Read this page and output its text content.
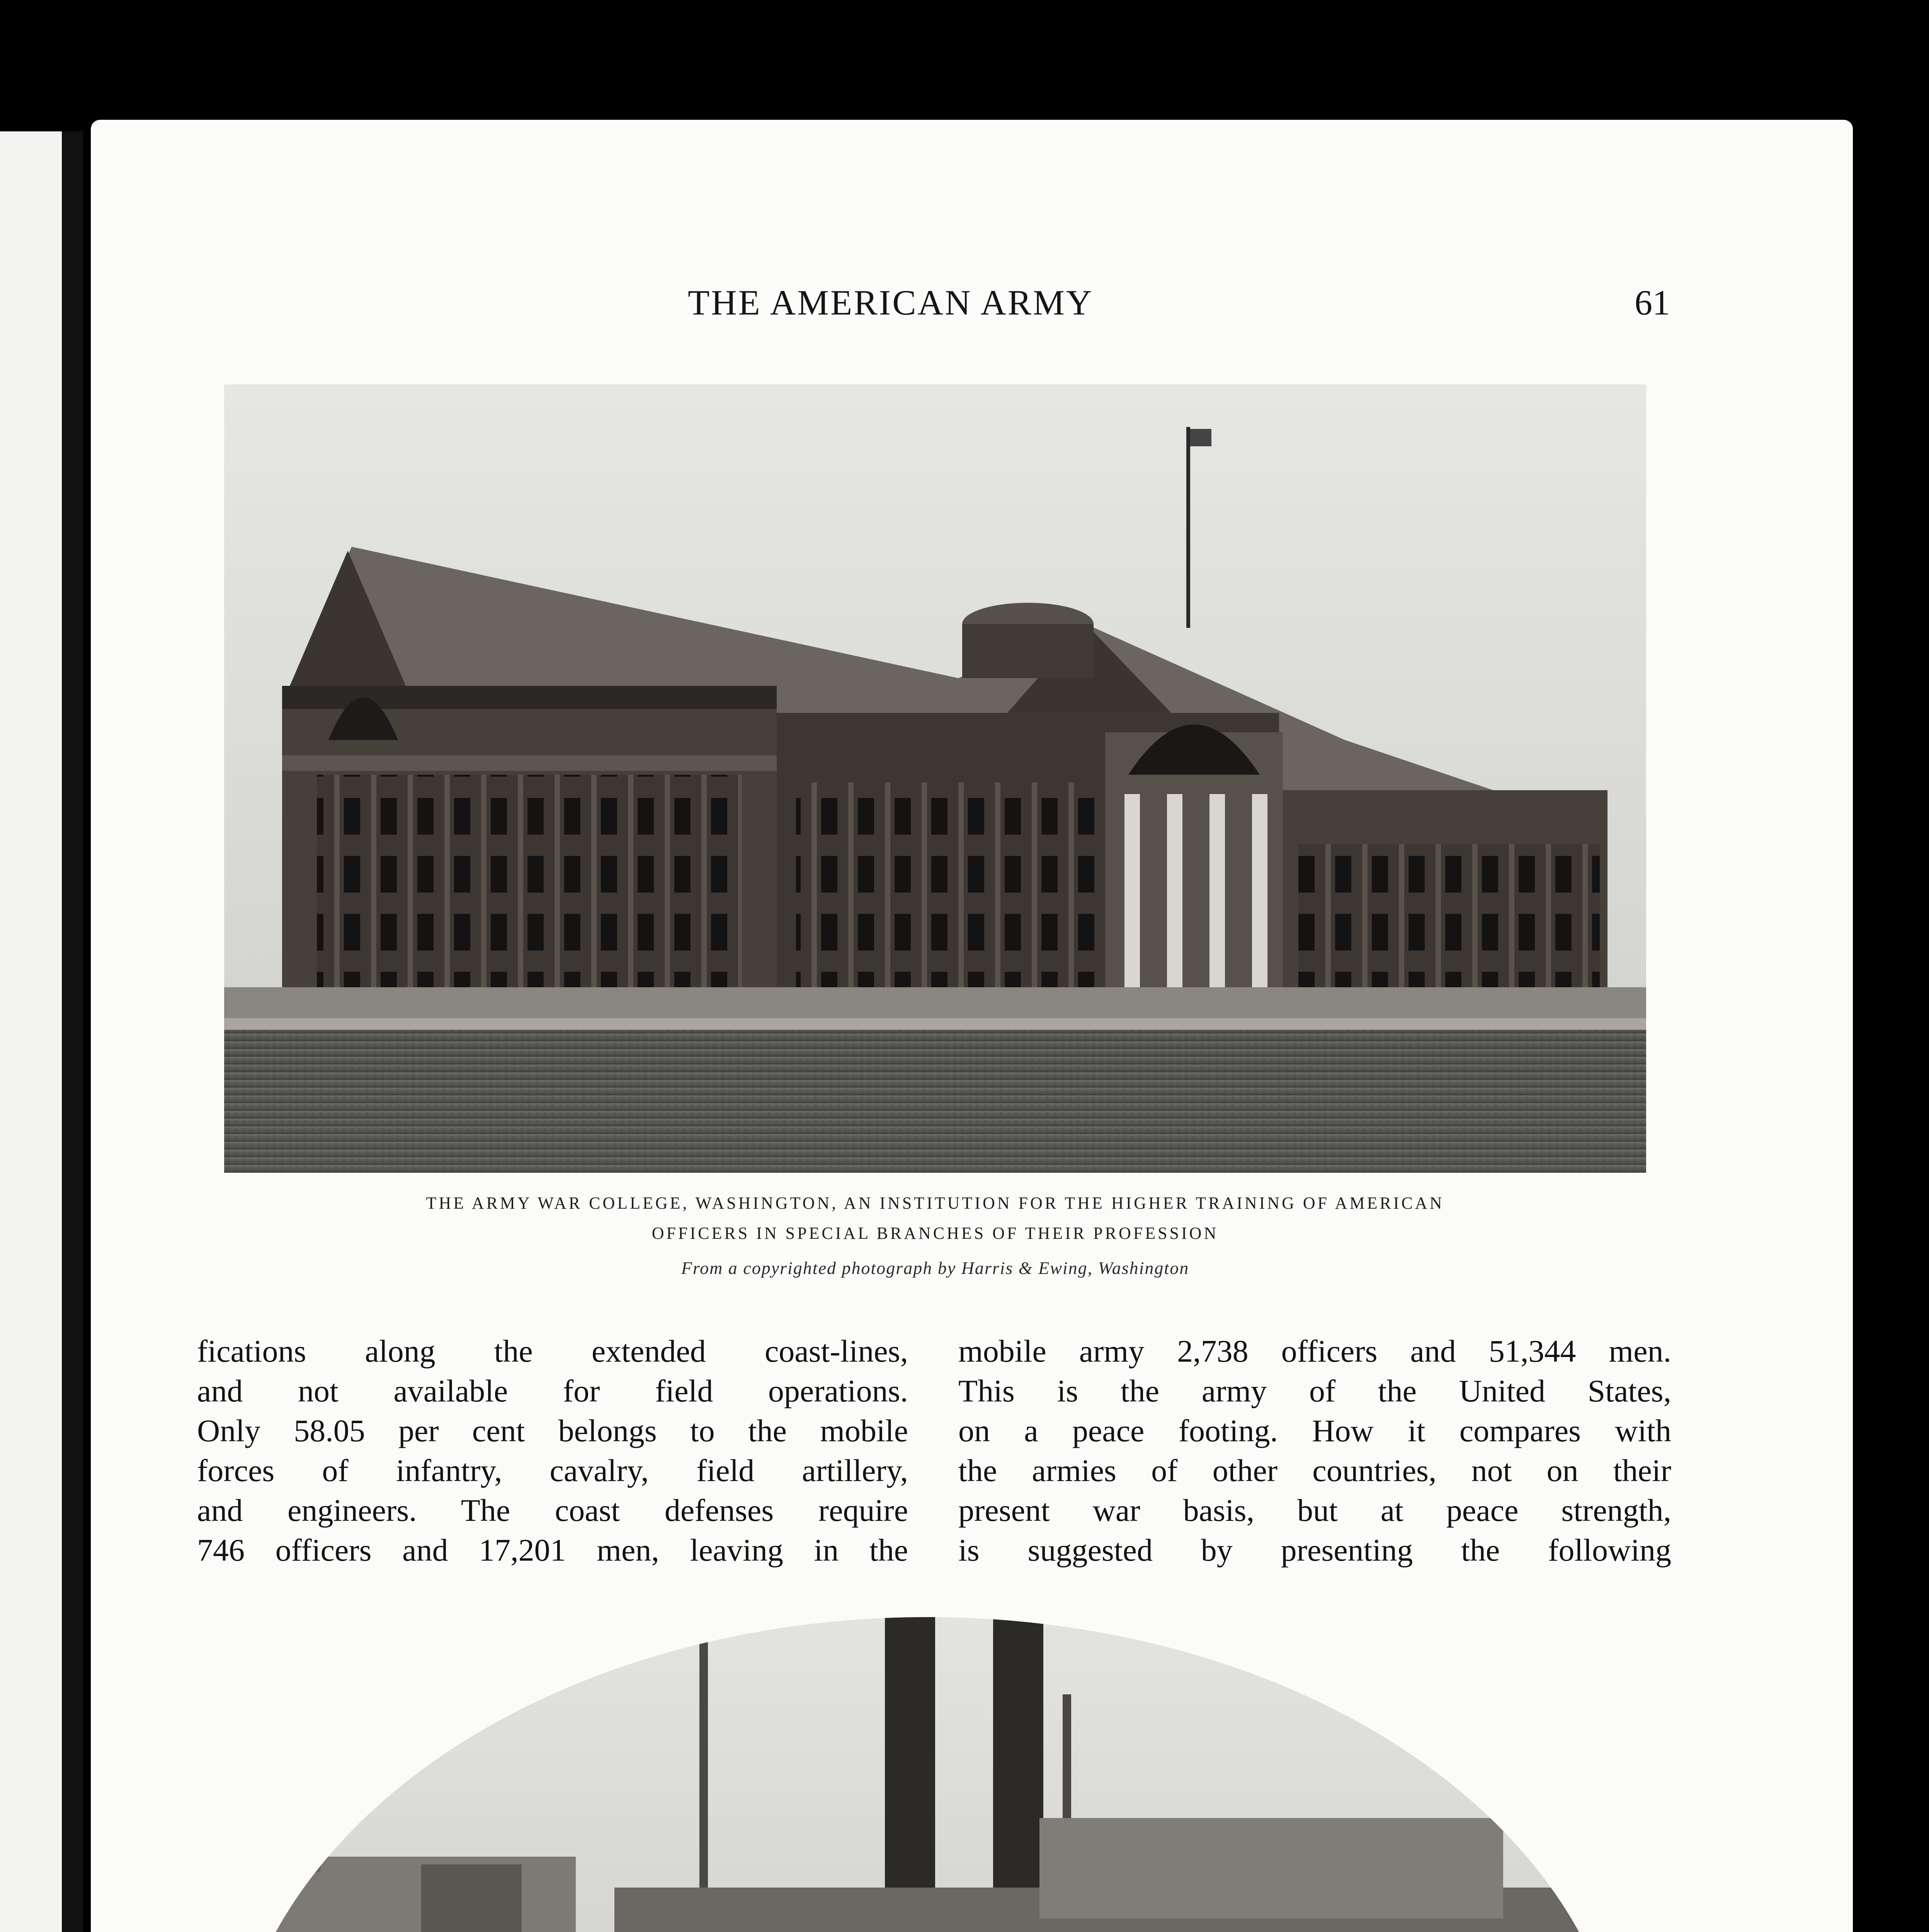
THE AMERICAN ARMY	61
THE ARMY WAR COLLEGE, WASHINGTON, AN INSTITUTION FOR THE HIGHER TRAINING OF AMERICAN
OFFICERS IN SPECIAL BRANCHES OF THEIR PROFESSION
From a copyrighted photograph by Harris & Ewing, Washington
fications along the extended coast-lines,
and not available for field operations.
Only 58.05 per cent belongs to the mobile
forces of infantry, cavalry, field artillery,
and engineers. The coast defenses require
746 officers and 17,201 men, leaving in the
mobile army 2,738 officers and 51,344 men.
This is the army of the United States,
on a peace footing. How it compares with
the armies of other countries, not on their
present war basis, but at peace strength,
is suggested by presenting the following
